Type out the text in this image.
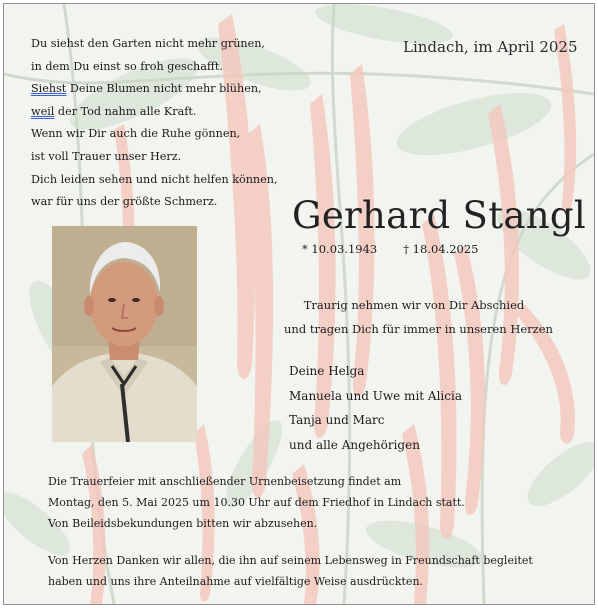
Du siehst den Garten nicht mehr grünen,
in dem Du einst so froh geschafft.
Siehst Deine Blumen nicht mehr blühen,
weil der Tod nahm alle Kraft.
Wenn wir Dir auch die Ruhe gönnen,
ist voll Trauer unser Herz.
Dich leiden sehen und nicht helfen können,
war für uns der größte Schmerz.
Lindach, im April 2025
Gerhard Stangl
* 10.03.1943 † 18.04.2025
Traurig nehmen wir von Dir Abschied
und tragen Dich für immer in unseren Herzen
Deine Helga
Manuela und Uwe mit Alicia
Tanja und Marc
und alle Angehörigen
Die Trauerfeier mit anschließender Urnenbeisetzung findet am
Montag, den 5. Mai 2025 um 10.30 Uhr auf dem Friedhof in Lindach statt.
Von Beileidsbekundungen bitten wir abzusehen.
Von Herzen Danken wir allen, die ihn auf seinem Lebensweg in Freundschaft begleitet
haben und uns ihre Anteilnahme auf vielfältige Weise ausdrückten.
